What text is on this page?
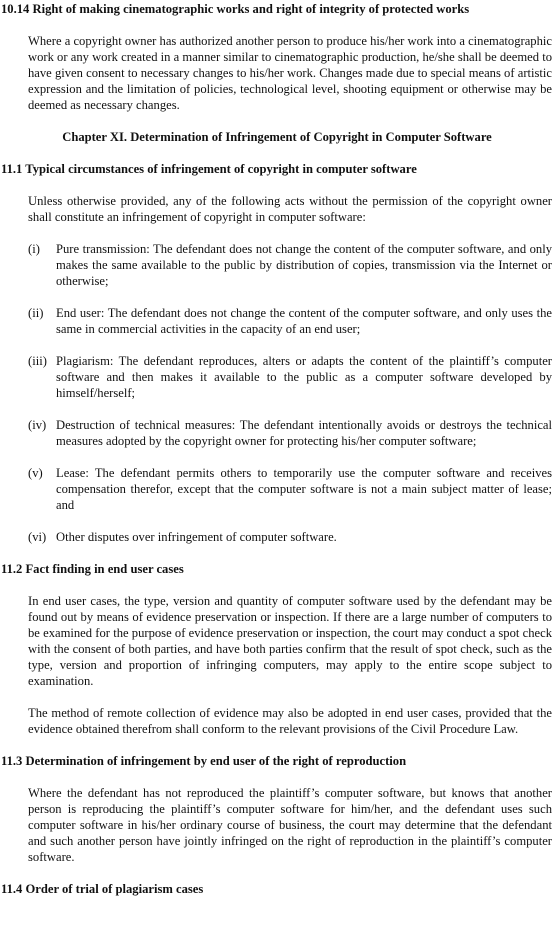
10.14 Right of making cinematographic works and right of integrity of protected works
Where a copyright owner has authorized another person to produce his/her work into a cinematographic work or any work created in a manner similar to cinematographic production, he/she shall be deemed to have given consent to necessary changes to his/her work. Changes made due to special means of artistic expression and the limitation of policies, technological level, shooting equipment or otherwise may be deemed as necessary changes.
Chapter XI. Determination of Infringement of Copyright in Computer Software
11.1 Typical circumstances of infringement of copyright in computer software
Unless otherwise provided, any of the following acts without the permission of the copyright owner shall constitute an infringement of copyright in computer software:
(i)	Pure transmission: The defendant does not change the content of the computer software, and only makes the same available to the public by distribution of copies, transmission via the Internet or otherwise;
(ii)	End user: The defendant does not change the content of the computer software, and only uses the same in commercial activities in the capacity of an end user;
(iii) Plagiarism: The defendant reproduces, alters or adapts the content of the plaintiff’s computer software and then makes it available to the public as a computer software developed by himself/herself;
(iv) Destruction of technical measures: The defendant intentionally avoids or destroys the technical measures adopted by the copyright owner for protecting his/her computer software;
(v)	Lease: The defendant permits others to temporarily use the computer software and receives compensation therefor, except that the computer software is not a main subject matter of lease; and
(vi) Other disputes over infringement of computer software.
11.2 Fact finding in end user cases
In end user cases, the type, version and quantity of computer software used by the defendant may be found out by means of evidence preservation or inspection. If there are a large number of computers to be examined for the purpose of evidence preservation or inspection, the court may conduct a spot check with the consent of both parties, and have both parties confirm that the result of spot check, such as the type, version and proportion of infringing computers, may apply to the entire scope subject to examination.
The method of remote collection of evidence may also be adopted in end user cases, provided that the evidence obtained therefrom shall conform to the relevant provisions of the Civil Procedure Law.
11.3 Determination of infringement by end user of the right of reproduction
Where the defendant has not reproduced the plaintiff’s computer software, but knows that another person is reproducing the plaintiff’s computer software for him/her, and the defendant uses such computer software in his/her ordinary course of business, the court may determine that the defendant and such another person have jointly infringed on the right of reproduction in the plaintiff’s computer software.
11.4 Order of trial of plagiarism cases
